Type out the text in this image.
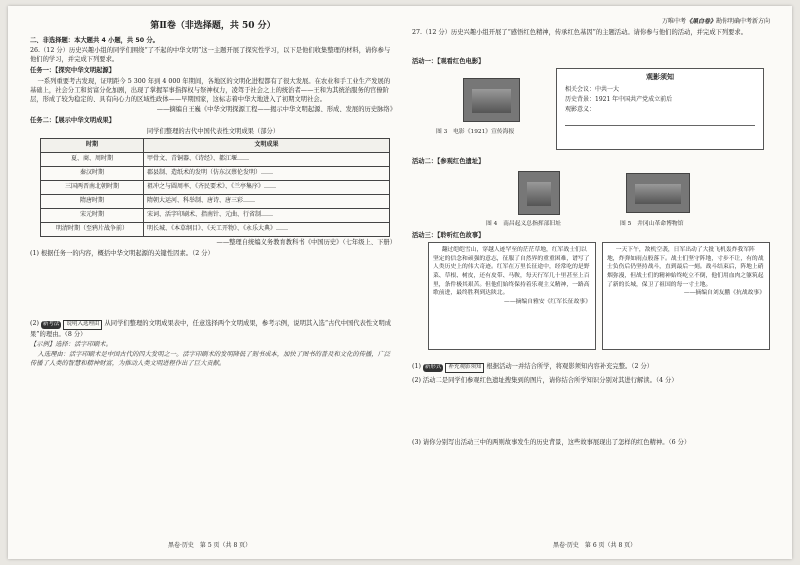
万唯中考《黑白卷》勘你明确中考新方向
第Ⅱ卷（非选择题，共 50 分）
二、非选择题：本大题共 4 小题，共 50 分。
26.（12 分）历史兴趣小组的同学们围绕“了不起的中华文明”这一主题开展了探究性学习，以下是他们收集整理的材料，请你参与他们的学习，并完成下列要求。
任务一：【探究中华文明起源】
一系列重要考古发现，证明距今 5 300 年到 4 000 年期间，各地区的文明化进程都有了很大发展。在农业和手工业生产发展的基础上，社会分工和贫富分化加剧，出现了掌握军事指挥权与祭神权力，凌驾于社会之上的统治者——王和为其统治服务的官僚阶层，形成了较为稳定的、具有向心力的区域性政体——早期国家，这标志着中华大地进入了初期文明社会。
——摘编自王巍《中华文明探源工程——揭示中华文明起源、形成、发展的历史脉络》
任务二：【展示中华文明成果】
同学们整理的古代中国代表性文明成果（部分）
时期	文明成果
夏、商、周时期	甲骨文、青铜器、《诗经》、都江堰……
秦汉时期	郡县制、造纸术的发明（仿东汉蔡伦发明）……
三国两晋南北朝时期	祖冲之与圆周率、《齐民要术》、《兰亭集序》……
隋唐时期	隋朝大运河、科举制、唐诗、唐三彩……
宋元时期	宋词、活字印刷术、指南针、元曲、行省制……
明清时期（至鸦片战争前）	明长城、《本草纲目》、《天工开物》、《永乐大典》……
——整理自统编义务教育教科书《中国历史》（七年级上、下册）
(1) 根据任务一的内容，概括中华文明起源的关键性因素。（2 分）
(2) 新考法 说明入选理由 从同学们整理的文明成果表中，任意选择两个文明成果，参考示例，说明其入选“古代中国代表性文明成果”的理由。（8 分）
【示例】选择：活字印刷术。
入选理由：活字印刷术是中国古代的四大发明之一。活字印刷术的发明降低了刻书成本，加快了图书的普及和文化的传播，广泛传播了人类的智慧和精神财富，为推动人类文明进程作出了巨大贡献。
黑卷·历史　第 5 页（共 8 页）
27.（12 分）历史兴趣小组开展了“感悟红色精神，传承红色基因”的主题活动。请你参与他们的活动，并完成下列要求。
活动一：【观看红色电影】
图 3　电影《1921》宣传海报
观影须知
相关会议：中共一大
历史背景：1921 年中国共产党成立前后
观影意义：
活动二：【参观红色遗址】
图 4　南昌起义总指挥部旧址	图 5　井冈山革命博物馆
活动三：【聆听红色故事】
翻过皑皑雪山，穿越人迹罕至的茫茫草地，红军战士们以坚定的信念和顽强的意志，征服了自然界的重重困难，谱写了人类历史上的伟大奇迹。红军在万里长征途中，经常吃的是野菜、草根、树皮，还有皮带、马鞍，每天行军几十里甚至上百里，条件极其艰苦。但他们始终保持着乐观主义精神，一路高歌前进，最终胜利到达陕北。
——摘编自雅安《红军长征故事》
一天下午，敌机空袭，日军出动了大批飞机轰炸我军阵地，炸弹如雨点般落下。战士们坚守阵地，寸步不让，有的战士负伤后仍坚持战斗，直到最后一刻。战斗结束后，阵地上硝烟弥漫，但战士们的精神始终屹立不倒，他们用血肉之躯筑起了新的长城，保卫了祖国的每一寸土地。
——摘编自刘友鹏《抗战故事》
(1) 新形式 补充观影须知 根据活动一并结合所学，将观影须知内容补充完整。（2 分）
(2) 活动二是同学们参观红色遗址搜集到的图片，请你结合所学知识分别对其进行解读。（4 分）
(3) 请你分别写出活动三中的两则故事发生的历史背景，这些故事展现出了怎样的红色精神。（6 分）
黑卷·历史　第 6 页（共 8 页）
